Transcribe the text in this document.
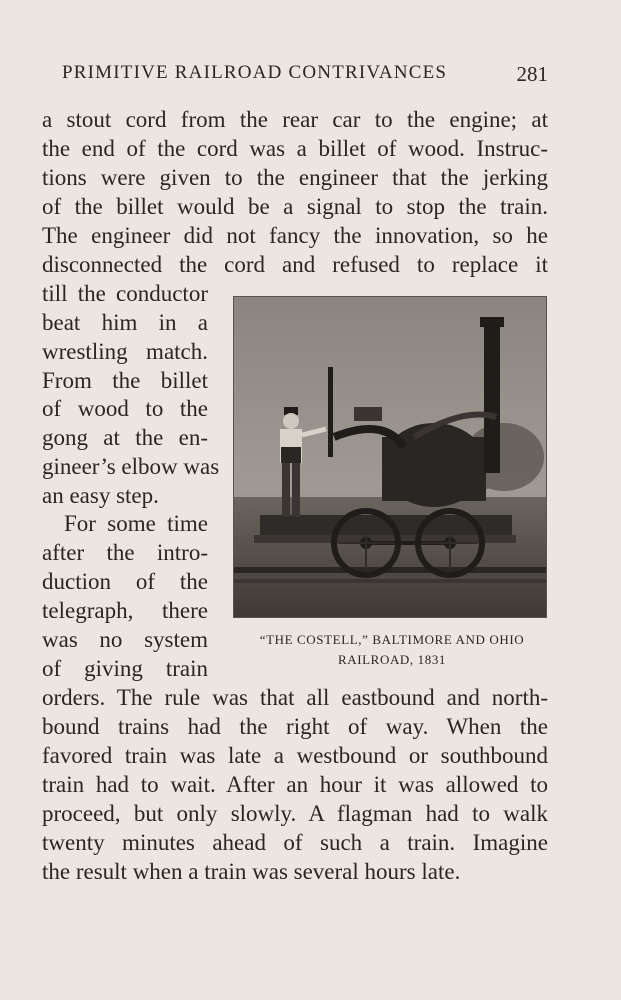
PRIMITIVE RAILROAD CONTRIVANCES	281
a stout cord from the rear car to the engine; at
the end of the cord was a billet of wood. Instruc-
tions were given to the engineer that the jerking
of the billet would be a signal to stop the train.
The engineer did not fancy the innovation, so he
disconnected the cord and refused to replace it
till the conductor
beat him in a
wrestling match.
From the billet
of wood to the
gong at the en-
gineer’s elbow was
an easy step.
For some time
after the intro-
duction of the
telegraph, there
was no system
of giving train
orders. The rule was that all eastbound and north-
bound trains had the right of way. When the
favored train was late a westbound or southbound
train had to wait. After an hour it was allowed to
proceed, but only slowly. A flagman had to walk
twenty minutes ahead of such a train. Imagine
the result when a train was several hours late.
“THE COSTELL,” BALTIMORE AND OHIO
RAILROAD, 1831
